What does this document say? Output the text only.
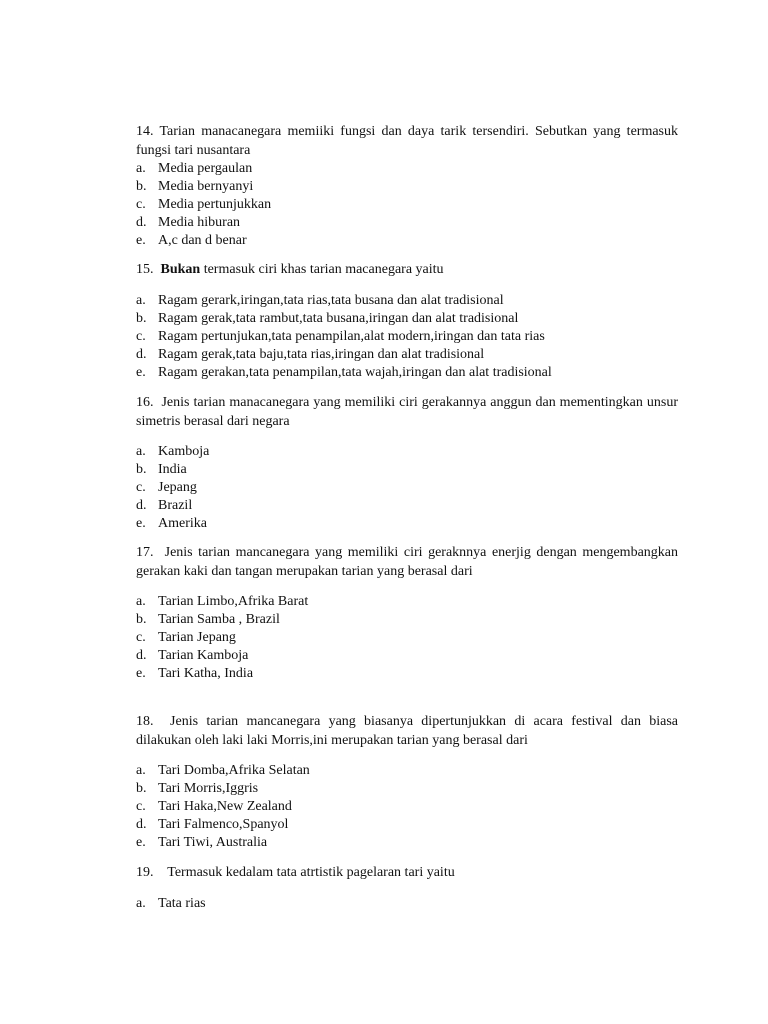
14. Tarian manacanegara memiiki fungsi dan daya tarik tersendiri. Sebutkan yang termasuk fungsi tari nusantara

a. Media pergaulan
b. Media bernyanyi
c. Media pertunjukkan
d. Media hiburan
e. A,c dan d benar

15. Bukan termasuk ciri khas tarian macanegara yaitu

a. Ragam gerark,iringan,tata rias,tata busana dan alat tradisional
b. Ragam gerak,tata rambut,tata busana,iringan dan alat tradisional
c. Ragam pertunjukan,tata penampilan,alat modern,iringan dan tata rias
d. Ragam gerak,tata baju,tata rias,iringan dan alat tradisional
e. Ragam gerakan,tata penampilan,tata wajah,iringan dan alat tradisional

16. Jenis tarian manacanegara yang memiliki ciri gerakannya anggun dan mementingkan unsur simetris berasal dari negara

a. Kamboja
b. India
c. Jepang
d. Brazil
e. Amerika

17. Jenis tarian mancanegara yang memiliki ciri geraknnya enerjig dengan mengembangkan gerakan kaki dan tangan merupakan tarian yang berasal dari

a. Tarian Limbo,Afrika Barat
b. Tarian Samba , Brazil
c. Tarian Jepang
d. Tarian Kamboja
e. Tari Katha, India

18. Jenis tarian mancanegara yang biasanya dipertunjukkan di acara festival dan biasa dilakukan oleh laki laki Morris,ini merupakan tarian yang berasal dari

a. Tari Domba,Afrika Selatan
b. Tari Morris,Iggris
c. Tari Haka,New Zealand
d. Tari Falmenco,Spanyol
e. Tari Tiwi, Australia

19. Termasuk kedalam tata atrtistik pagelaran tari yaitu

a. Tata rias
